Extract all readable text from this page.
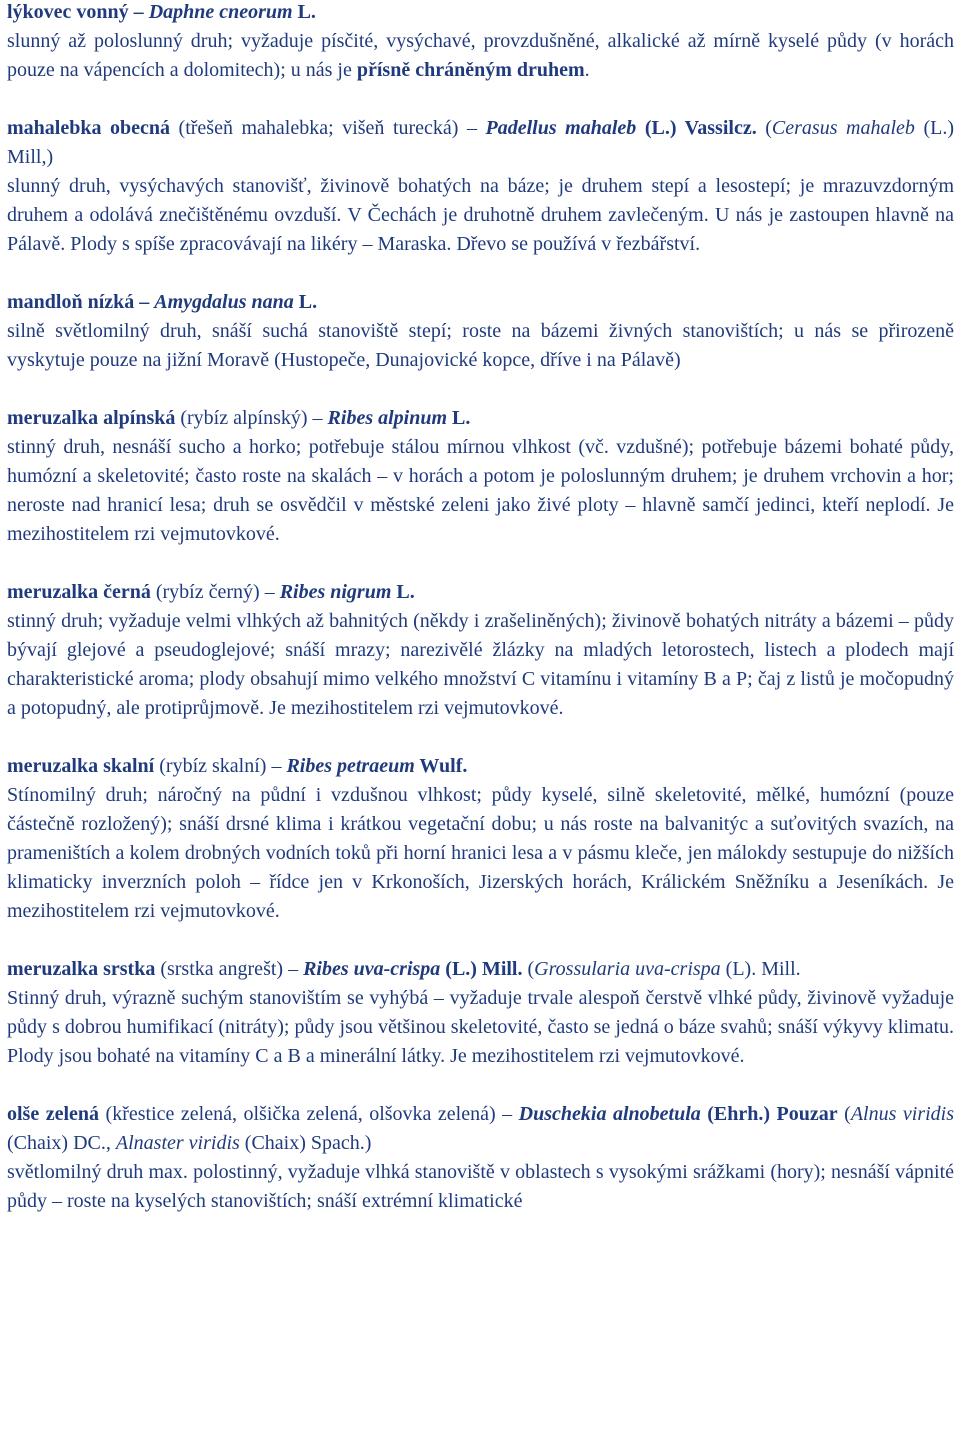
lýkovec vonný – Daphne cneorum L.
slunný až poloslunný druh; vyžaduje písčité, vysýchavé, provzdušněné, alkalické až mírně kyselé půdy (v horách pouze na vápencích a dolomitech); u nás je přísně chráněným druhem.
mahalebka obecná (třešeň mahalebka; višeň turecká) – Padellus mahaleb (L.) Vassilcz. (Cerasus mahaleb (L.) Mill,)
slunný druh, vysýchavých stanovišť, živinově bohatých na báze; je druhem stepí a lesostepí; je mrazuvzdorným druhem a odolává znečištěnému ovzduší. V Čechách je druhotně druhem zavlečeným. U nás je zastoupen hlavně na Pálavě. Plody s spíše zpracovávají na likéry – Maraska. Dřevo se používá v řezbářství.
mandloň nízká – Amygdalus nana L.
silně světlomilný druh, snáší suchá stanoviště stepí; roste na bázemi živných stanovištích; u nás se přirozeně vyskytuje pouze na jižní Moravě (Hustopeče, Dunajovické kopce, dříve i na Pálavě)
meruzalka alpínská (rybíz alpínský) – Ribes alpinum L.
stinný druh, nesnáší sucho a horko; potřebuje stálou mírnou vlhkost (vč. vzdušné); potřebuje bázemi bohaté půdy, humózní a skeletovité; často roste na skalách – v horách a potom je poloslunným druhem; je druhem vrchovin a hor; neroste nad hranicí lesa; druh se osvědčil v městské zeleni jako živé ploty – hlavně samčí jedinci, kteří neplodí. Je mezihostitelem rzi vejmutovkové.
meruzalka černá (rybíz černý) – Ribes nigrum L.
stinný druh; vyžaduje velmi vlhkých až bahnitých (někdy i zrašeliněných); živinově bohatých nitráty a bázemi – půdy bývají glejové a pseudoglejové; snáší mrazy; narezivělé žlázky na mladých letorostech, listech a plodech mají charakteristické aroma; plody obsahují mimo velkého množství C vitamínu i vitamíny B a P; čaj z listů je močopudný a potopudný, ale protiprůjmově. Je mezihostitelem rzi vejmutovkové.
meruzalka skalní (rybíz skalní) – Ribes petraeum Wulf.
Stínomilný druh; náročný na půdní i vzdušnou vlhkost; půdy kyselé, silně skeletovité, mělké, humózní (pouze částečně rozložený); snáší drsné klima i krátkou vegetační dobu; u nás roste na balvanitýc a suťovitých svazích, na prameništích a kolem drobných vodních toků při horní hranici lesa a v pásmu kleče, jen málokdy sestupuje do nižších klimaticky inverzních poloh – řídce jen v Krkonoších, Jizerských horách, Králickém Sněžníku a Jeseníkách. Je mezihostitelem rzi vejmutovkové.
meruzalka srstka (srstka angrešt) – Ribes uva-crispa (L.) Mill. (Grossularia uva-crispa (L). Mill.
Stinný druh, výrazně suchým stanovištím se vyhýbá – vyžaduje trvale alespoň čerstvě vlhké půdy, živinově vyžaduje půdy s dobrou humifikací (nitráty); půdy jsou většinou skeletovité, často se jedná o báze svahů; snáší výkyvy klimatu. Plody jsou bohaté na vitamíny C a B a minerální látky. Je mezihostitelem rzi vejmutovkové.
olše zelená (křestice zelená, olšička zelená, olšovka zelená) – Duschekia alnobetula (Ehrh.) Pouzar (Alnus viridis (Chaix) DC., Alnaster viridis (Chaix) Spach.)
světlomilný druh max. polostinný, vyžaduje vlhká stanoviště v oblastech s vysokými srážkami (hory); nesnáší vápnité půdy – roste na kyselých stanovištích; snáší extrémní klimatické
